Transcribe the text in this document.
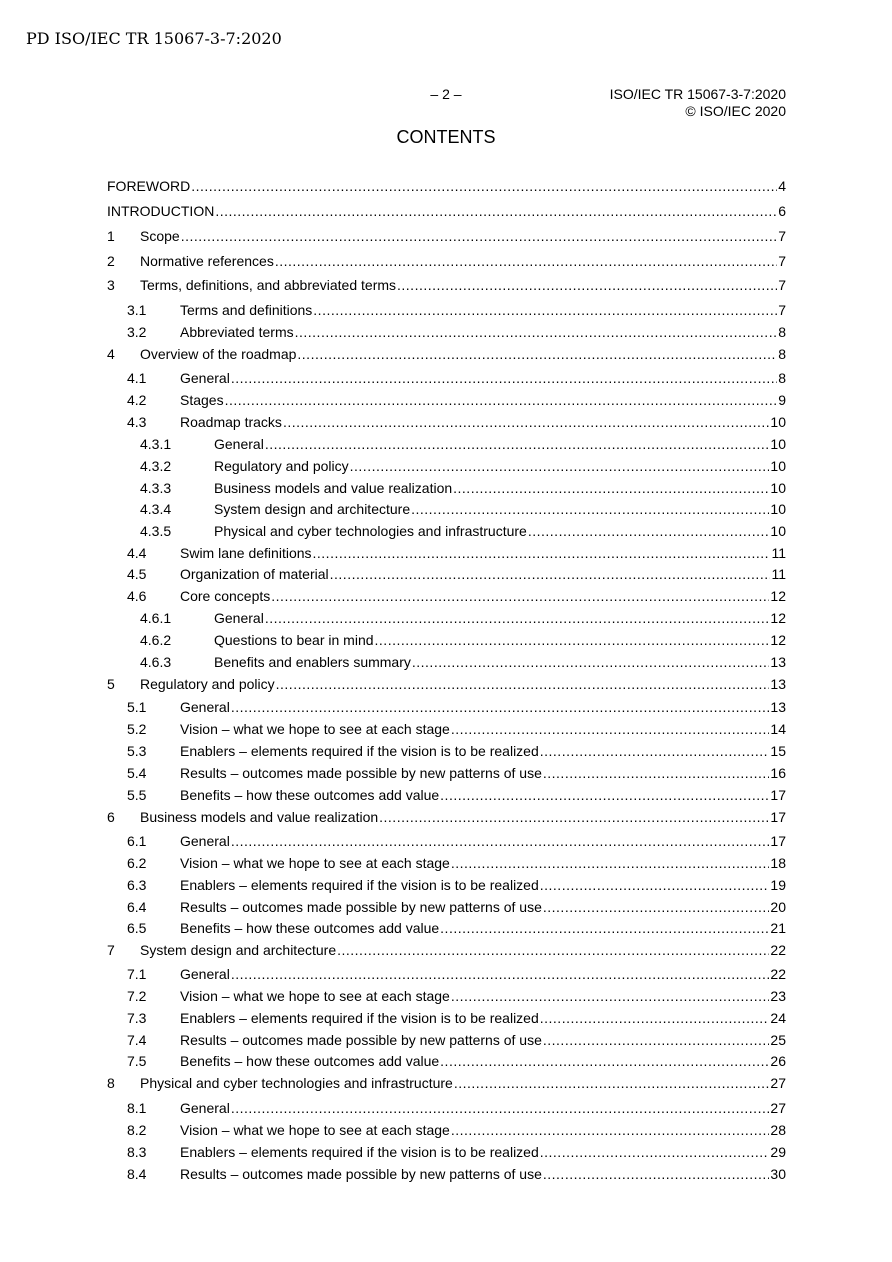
PD ISO/IEC TR 15067-3-7:2020
– 2 –	ISO/IEC TR 15067-3-7:2020
© ISO/IEC 2020
CONTENTS
FOREWORD .....	4
INTRODUCTION .....	6
1	Scope .....	7
2	Normative references .....	7
3	Terms, definitions, and abbreviated terms .....	7
3.1	Terms and definitions .....	7
3.2	Abbreviated terms .....	8
4	Overview of the roadmap .....	8
4.1	General .....	8
4.2	Stages .....	9
4.3	Roadmap tracks .....	10
4.3.1	General .....	10
4.3.2	Regulatory and policy .....	10
4.3.3	Business models and value realization .....	10
4.3.4	System design and architecture .....	10
4.3.5	Physical and cyber technologies and infrastructure .....	10
4.4	Swim lane definitions .....	11
4.5	Organization of material .....	11
4.6	Core concepts .....	12
4.6.1	General .....	12
4.6.2	Questions to bear in mind .....	12
4.6.3	Benefits and enablers summary .....	13
5	Regulatory and policy .....	13
5.1	General .....	13
5.2	Vision – what we hope to see at each stage .....	14
5.3	Enablers – elements required if the vision is to be realized .....	15
5.4	Results – outcomes made possible by new patterns of use .....	16
5.5	Benefits – how these outcomes add value .....	17
6	Business models and value realization .....	17
6.1	General .....	17
6.2	Vision – what we hope to see at each stage .....	18
6.3	Enablers – elements required if the vision is to be realized .....	19
6.4	Results – outcomes made possible by new patterns of use .....	20
6.5	Benefits – how these outcomes add value .....	21
7	System design and architecture .....	22
7.1	General .....	22
7.2	Vision – what we hope to see at each stage .....	23
7.3	Enablers – elements required if the vision is to be realized .....	24
7.4	Results – outcomes made possible by new patterns of use .....	25
7.5	Benefits – how these outcomes add value .....	26
8	Physical and cyber technologies and infrastructure .....	27
8.1	General .....	27
8.2	Vision – what we hope to see at each stage .....	28
8.3	Enablers – elements required if the vision is to be realized .....	29
8.4	Results – outcomes made possible by new patterns of use .....	30
